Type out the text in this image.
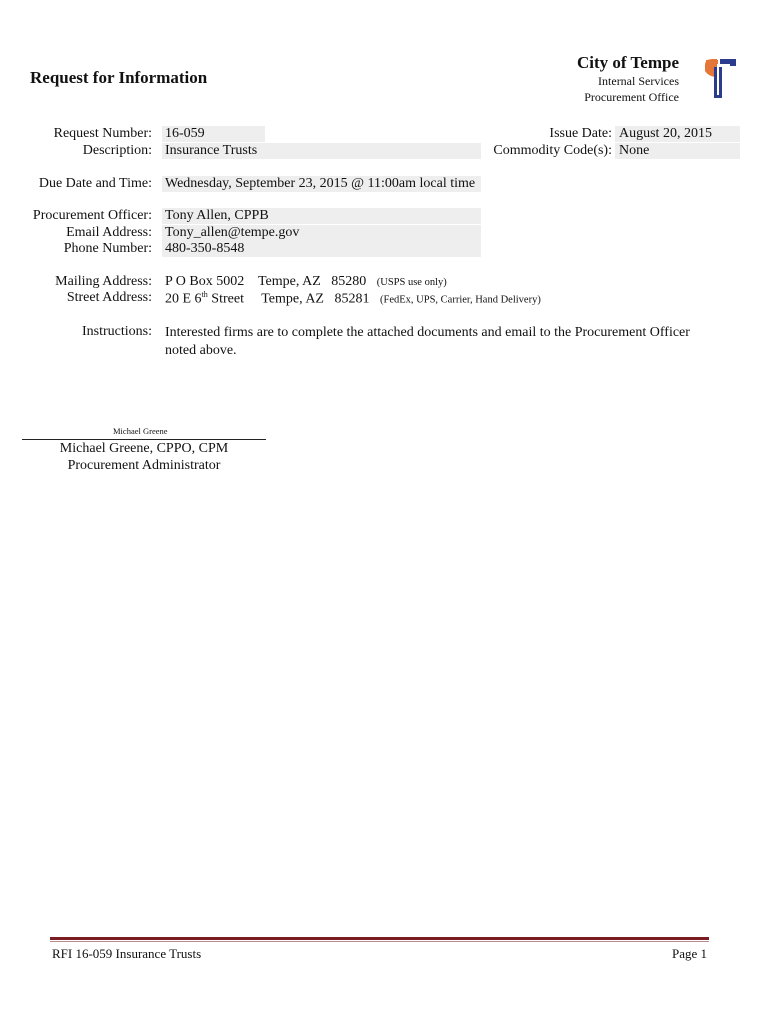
Request for Information
City of Tempe
Internal Services
Procurement Office
Request Number: 16-059
Description: Insurance Trusts
Issue Date: August 20, 2015
Commodity Code(s): None
Due Date and Time: Wednesday, September 23, 2015 @ 11:00am local time
Procurement Officer: Tony Allen, CPPB
Email Address: Tony_allen@tempe.gov
Phone Number: 480-350-8548
Mailing Address: P O Box 5002    Tempe, AZ   85280 (USPS use only)
Street Address: 20 E 6th Street     Tempe, AZ   85281 (FedEx, UPS, Carrier, Hand Delivery)
Instructions: Interested firms are to complete the attached documents and email to the Procurement Officer noted above.
Michael Greene
Michael Greene, CPPO, CPM
Procurement Administrator
RFI 16-059 Insurance Trusts	Page 1
